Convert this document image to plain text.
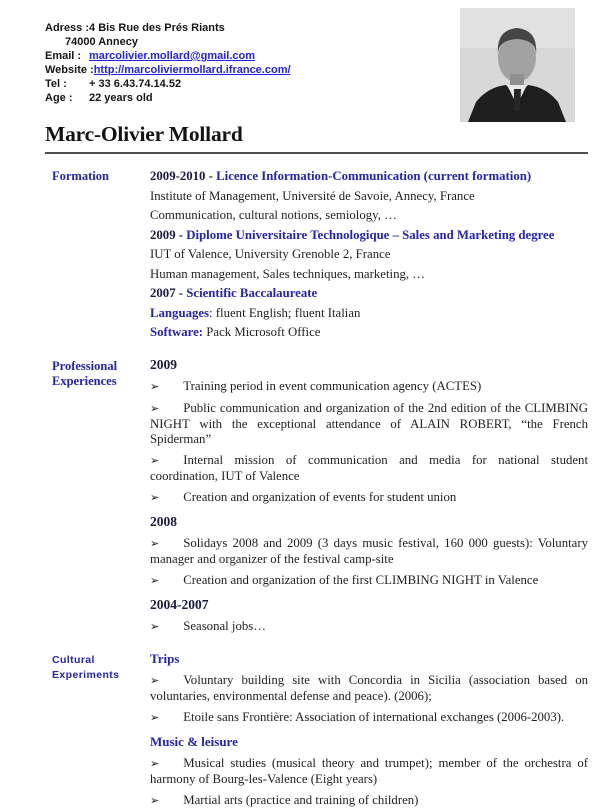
Adress :4 Bis Rue des Prés Riants
74000 Annecy
Email : marcolivier.mollard@gmail.com
Website :http://marcoliviermollard.ifrance.com/
Tel : + 33 6.43.74.14.52
Age : 22 years old
Marc-Olivier Mollard
Formation	2009-2010 - Licence Information-Communication (current formation)
Institute of Management, Université de Savoie, Annecy, France
Communication, cultural notions, semiology, …
2009 - Diplome Universitaire Technologique – Sales and Marketing degree
IUT of Valence, University Grenoble 2, France
Human management, Sales techniques, marketing, …
2007 - Scientific Baccalaureate
Languages: fluent English; fluent Italian
Software: Pack Microsoft Office
Professional
Experiences
2009

➢ Training period in event communication agency (ACTES)

➢ Public communication and organization of the 2nd edition of the CLIMBING NIGHT with the exceptional attendance of ALAIN ROBERT, “the French Spiderman”

➢ Internal mission of communication and media for national student coordination, IUT of Valence

➢ Creation and organization of events for student union

2008

➢ Solidays 2008 and 2009 (3 days music festival, 160 000 guests): Voluntary manager and organizer of the festival camp-site

➢ Creation and organization of the first CLIMBING NIGHT in Valence

2004-2007

➢ Seasonal jobs…

Cultural
Experiments
Trips

➢ Voluntary building site with Concordia in Sicilia (association based on voluntaries, environmental defense and peace). (2006);

➢ Etoile sans Frontière: Association of international exchanges (2006-2003).

Music & leisure

➢ Musical studies (musical theory and trumpet); member of the orchestra of harmony of Bourg-les-Valence (Eight years)

➢ Martial arts (practice and training of children)
